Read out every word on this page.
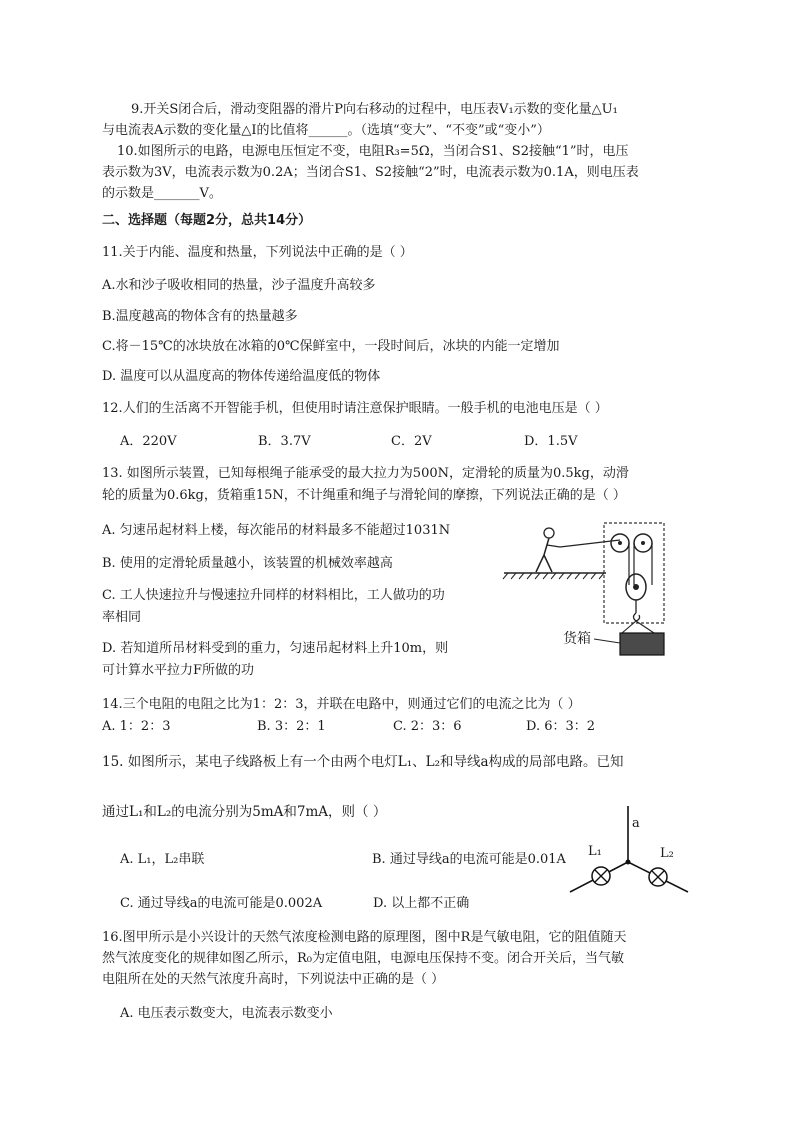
9.开关S闭合后，滑动变阻器的滑片P向右移动的过程中，电压表V₁示数的变化量△U₁
与电流表A示数的变化量△I的比值将______。（选填“变大”、“不变”或“变小”）
10.如图所示的电路，电源电压恒定不变，电阻R₃=5Ω，当闭合S1、S2接触“1”时，电压
表示数为3V，电流表示数为0.2A；当闭合S1、S2接触“2”时，电流表示数为0.1A，则电压表
的示数是_______V。
二、选择题（每题2分，总共14分）
11.关于内能、温度和热量，下列说法中正确的是（ ）
A.水和沙子吸收相同的热量，沙子温度升高较多
B.温度越高的物体含有的热量越多
C.将－15℃的冰块放在冰箱的0℃保鲜室中，一段时间后，冰块的内能一定增加
D. 温度可以从温度高的物体传递给温度低的物体
12.人们的生活离不开智能手机，但使用时请注意保护眼睛。一般手机的电池电压是（ ）
A．220V	B．3.7V	C．2V	D．1.5V
13. 如图所示装置，已知每根绳子能承受的最大拉力为500N，定滑轮的质量为0.5kg，动滑
轮的质量为0.6kg，货箱重15N，不计绳重和绳子与滑轮间的摩擦，下列说法正确的是（ ）
A. 匀速吊起材料上楼，每次能吊的材料最多不能超过1031N
B. 使用的定滑轮质量越小，该装置的机械效率越高
C. 工人快速拉升与慢速拉升同样的材料相比，工人做功的功
率相同
D. 若知道所吊材料受到的重力，匀速吊起材料上升10m，则
可计算水平拉力F所做的功
货箱
14.三个电阻的电阻之比为1：2：3，并联在电路中，则通过它们的电流之比为（ ）
A. 1：2：3	B. 3：2：1	C. 2：3：6	D. 6：3：2
15. 如图所示，某电子线路板上有一个由两个电灯L₁、L₂和导线a构成的局部电路。已知
通过L₁和L₂的电流分别为5mA和7mA，则（ ）
A. L₁，L₂串联	B. 通过导线a的电流可能是0.01A
C. 通过导线a的电流可能是0.002A	D. 以上都不正确
a
L₁	L₂
16.图甲所示是小兴设计的天然气浓度检测电路的原理图，图中R是气敏电阻，它的阻值随天
然气浓度变化的规律如图乙所示，R₀为定值电阻，电源电压保持不变。闭合开关后，当气敏
电阻所在处的天然气浓度升高时，下列说法中正确的是（ ）
A. 电压表示数变大，电流表示数变小
